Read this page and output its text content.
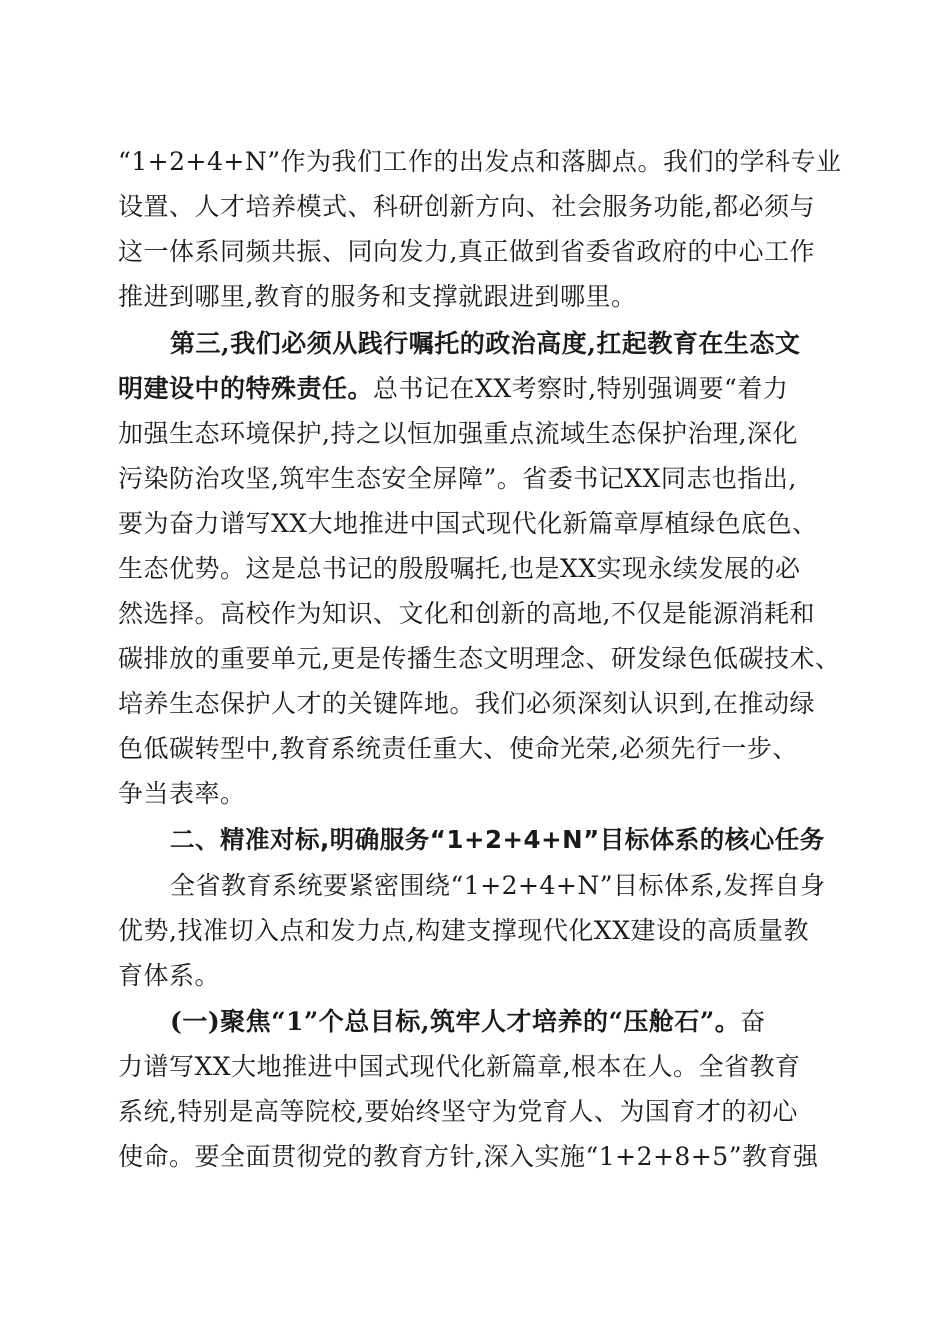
“1+2+4+N”作为我们工作的出发点和落脚点。我们的学科专业
设置、人才培养模式、科研创新方向、社会服务功能,都必须与
这一体系同频共振、同向发力,真正做到省委省政府的中心工作
推进到哪里,教育的服务和支撑就跟进到哪里。
第三,我们必须从践行嘱托的政治高度,扛起教育在生态文
明建设中的特殊责任。总书记在XX考察时,特别强调要“着力
加强生态环境保护,持之以恒加强重点流域生态保护治理,深化
污染防治攻坚,筑牢生态安全屏障”。省委书记XX同志也指出,
要为奋力谱写XX大地推进中国式现代化新篇章厚植绿色底色、
生态优势。这是总书记的殷殷嘱托,也是XX实现永续发展的必
然选择。高校作为知识、文化和创新的高地,不仅是能源消耗和
碳排放的重要单元,更是传播生态文明理念、研发绿色低碳技术、
培养生态保护人才的关键阵地。我们必须深刻认识到,在推动绿
色低碳转型中,教育系统责任重大、使命光荣,必须先行一步、
争当表率。
二、精准对标,明确服务“1+2+4+N”目标体系的核心任务
全省教育系统要紧密围绕“1+2+4+N”目标体系,发挥自身
优势,找准切入点和发力点,构建支撑现代化XX建设的高质量教
育体系。
(一)聚焦“1”个总目标,筑牢人才培养的“压舱石”。奋
力谱写XX大地推进中国式现代化新篇章,根本在人。全省教育
系统,特别是高等院校,要始终坚守为党育人、为国育才的初心
使命。要全面贯彻党的教育方针,深入实施“1+2+8+5”教育强
